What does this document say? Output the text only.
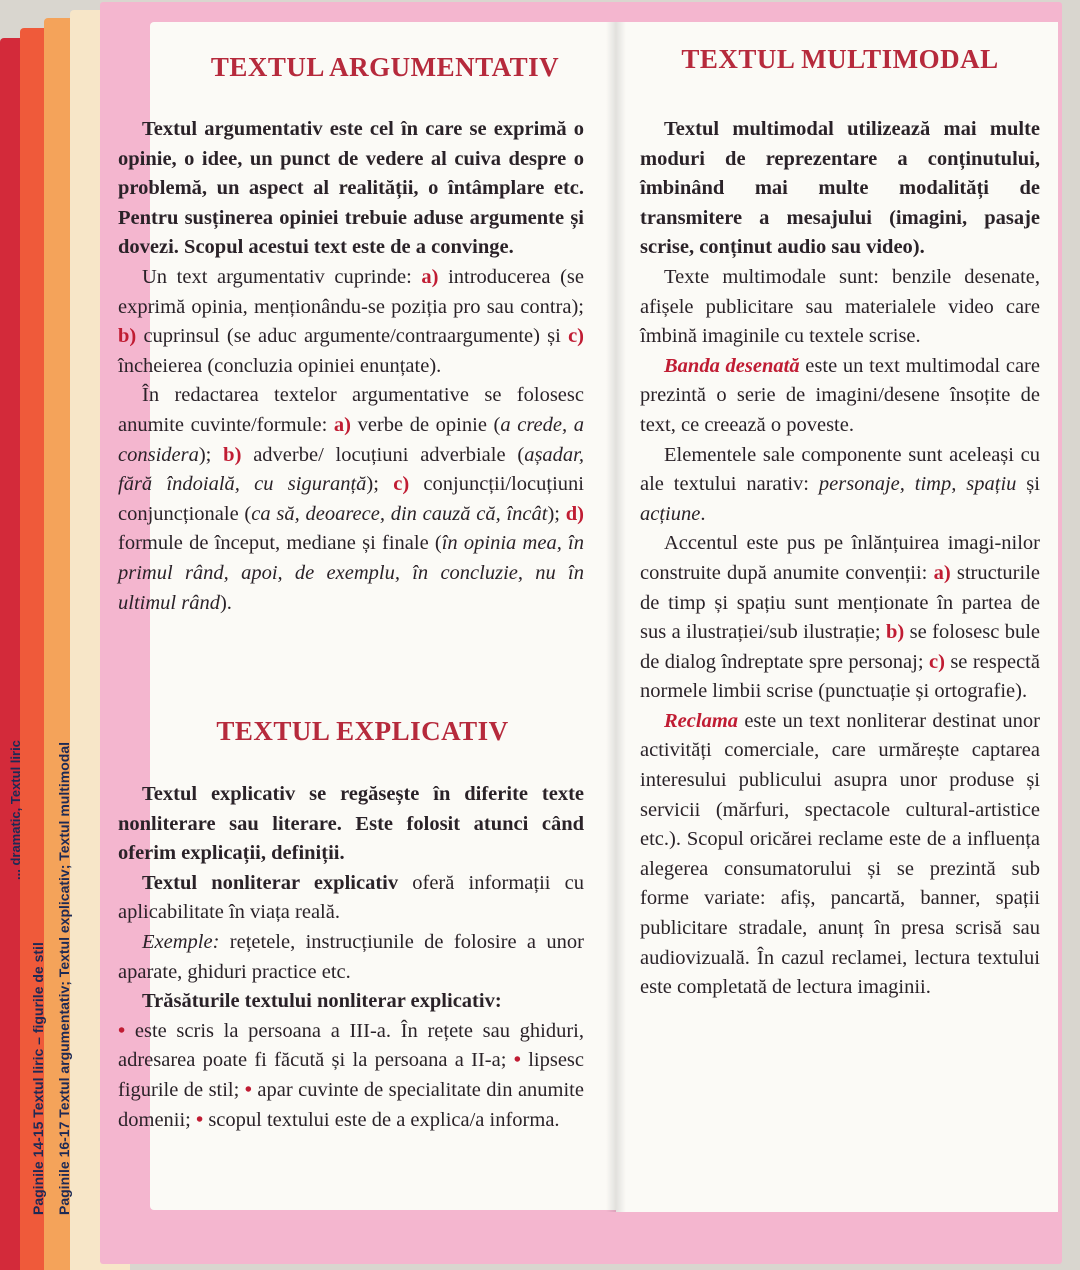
... dramatic, Textul liric
Paginile 14-15 Textul liric – figurile de stil Paginile 16-17 Textul argumentativ; Textul explicativ; Textul multimodal
TEXTUL ARGUMENTATIV

Textul argumentativ este cel în care se exprimă o opinie, o idee, un punct de vedere al cuiva despre o problemă, un aspect al realității, o întâmplare etc. Pentru susținerea opiniei trebuie aduse argumente și dovezi. Scopul acestui text este de a convinge.

Un text argumentativ cuprinde: a) introducerea (se exprimă opinia, menționându-se poziția pro sau contra); b) cuprinsul (se aduc argumente/contraargumente) și c) încheierea (concluzia opiniei enunțate).

În redactarea textelor argumentative se folosesc anumite cuvinte/formule: a) verbe de opinie (a crede, a considera); b) adverbe/ locuțiuni adverbiale (așadar, fără îndoială, cu siguranță); c) conjuncții/locuțiuni conjuncționale (ca să, deoarece, din cauză că, încât); d) formule de început, mediane și finale (în opinia mea, în primul rând, apoi, de exemplu, în concluzie, nu în ultimul rând).

TEXTUL EXPLICATIV

Textul explicativ se regăsește în diferite texte nonliterare sau literare. Este folosit atunci când oferim explicații, definiții.

Textul nonliterar explicativ oferă informații cu aplicabilitate în viața reală.

Exemple: rețetele, instrucțiunile de folosire a unor aparate, ghiduri practice etc.

Trăsăturile textului nonliterar explicativ:

• este scris la persoana a III-a. În rețete sau ghiduri, adresarea poate fi făcută și la persoana a II-a; • lipsesc figurile de stil; • apar cuvinte de specialitate din anumite domenii; • scopul textului este de a explica/a informa.

TEXTUL MULTIMODAL

Textul multimodal utilizează mai multe moduri de reprezentare a conținutului, îmbinând mai multe modalități de transmitere a mesajului (imagini, pasaje scrise, conținut audio sau video).

Texte multimodale sunt: benzile desenate, afișele publicitare sau materialele video care îmbină imaginile cu textele scrise.

Banda desenată este un text multimodal care prezintă o serie de imagini/desene însoțite de text, ce creează o poveste.

Elementele sale componente sunt aceleași cu ale textului narativ: personaje, timp, spațiu și acțiune.

Accentul este pus pe înlănțuirea imagi-nilor construite după anumite convenții: a) structurile de timp și spațiu sunt menționate în partea de sus a ilustrației/sub ilustrație; b) se folosesc bule de dialog îndreptate spre personaj; c) se respectă normele limbii scrise (punctuație și ortografie).

Reclama este un text nonliterar destinat unor activități comerciale, care urmărește captarea interesului publicului asupra unor produse și servicii (mărfuri, spectacole cultural-artistice etc.). Scopul oricărei reclame este de a influența alegerea consumatorului și se prezintă sub forme variate: afiș, pancartă, banner, spații publicitare stradale, anunț în presa scrisă sau audiovizuală. În cazul reclamei, lectura textului este completată de lectura imaginii.
